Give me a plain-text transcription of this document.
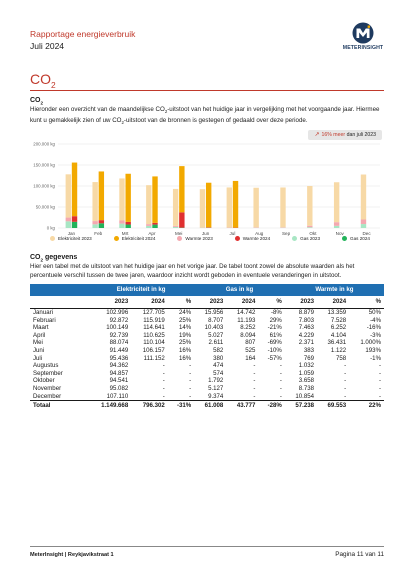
Rapportage energieverbruik
Juli 2024	METERINSIGHT
$CO_2$
$CO_2$
Hieronder een overzicht van de maandelijkse $CO_2$-uitstoot van het huidige jaar in vergelijking met het voorgaande jaar. Hiermee kunt u gemakkelijk zien of uw $CO_2$-uitstoot van de bronnen is gestegen of gedaald over deze periode.
↗ 16% meer dan juli 2023
0 kg
50.000 kg
100.000 kg
150.000 kg
200.000 kg
Jan	Feb	Mrt	Apr	Mei	Jun	Jul	Aug	Sep	Okt	Nov	Dec
Elektriciteit 2023	Elektriciteit 2024	Warmte 2023	Warmte 2024	Gas 2023	Gas 2024
$CO_2$ gegevens
Hier een tabel met de uitstoot van het huidige jaar en het vorige jaar. De tabel toont zowel de absolute waarden als het percentuele verschil tussen de twee jaren, waardoor inzicht wordt geboden in eventuele veranderingen in uitstoot.
	Elektriciteit in kg			Gas in kg			Warmte in kg		
	2023	2024	%	2023	2024	%	2023	2024	%
Januari	102.996	127.705	24%	15.956	14.742	-8%	8.879	13.359	50%
Februari	92.872	115.919	25%	8.707	11.193	29%	7.803	7.528	-4%
Maart	100.149	114.641	14%	10.403	8.252	-21%	7.463	6.252	-16%
April	92.739	110.625	19%	5.027	8.094	61%	4.229	4.104	-3%
Mei	88.074	110.104	25%	2.611	807	-69%	2.371	36.431	1.000%
Juni	91.449	106.157	16%	582	525	-10%	383	1.122	193%
Juli	95.436	111.152	16%	380	164	-57%	769	758	-1%
Augustus	94.362	-	-	474	-	-	1.032	-	-
September	94.857	-	-	574	-	-	1.059	-	-
Oktober	94.541	-	-	1.792	-	-	3.658	-	-
November	95.082	-	-	5.127	-	-	8.738	-	-
December	107.110	-	-	9.374	-	-	10.854	-	-
Totaal	1.149.668	796.302	-31%	61.008	43.777	-28%	57.238	69.553	22%
MeterInsight | Reykjavikstraat 1	Pagina 11 van 11
